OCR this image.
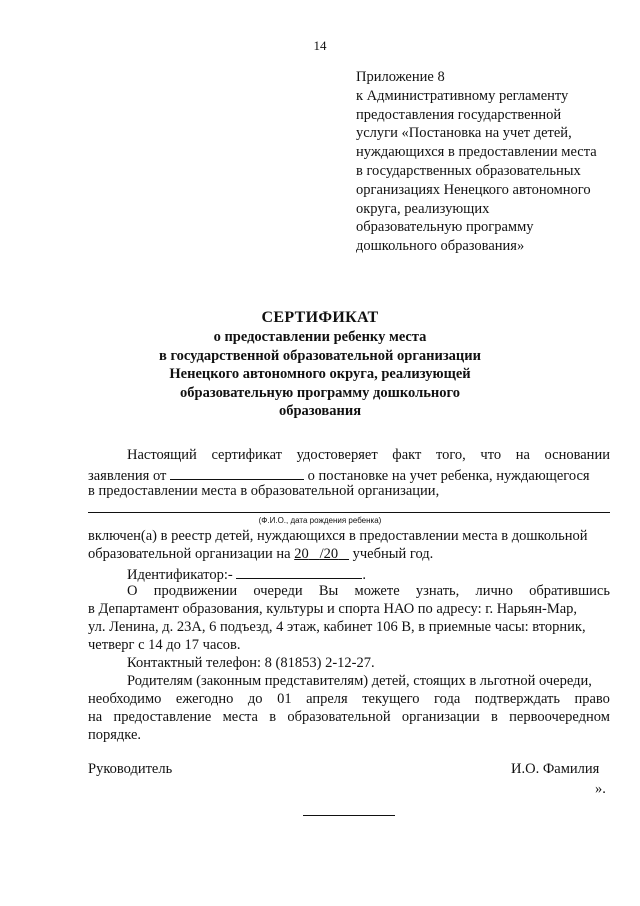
14
Приложение 8
к Административному регламенту
предоставления государственной
услуги «Постановка на учет детей,
нуждающихся в предоставлении места
в государственных образовательных
организациях Ненецкого автономного
округа, реализующих
образовательную программу
дошкольного образования»
СЕРТИФИКАТ
о предоставлении ребенку места
в государственной образовательной организации
Ненецкого автономного округа, реализующей
образовательную программу дошкольного
образования
Настоящий сертификат удостоверяет факт того, что на основании
заявления от	о постановке на учет ребенка, нуждающегося
в предоставлении места в образовательной организации,
(Ф.И.О., дата рождения ребенка)
включен(а) в реестр детей, нуждающихся в предоставлении места в дошкольной
образовательной организации на 20 /20 учебный год.
Идентификатор:-	.
О продвижении очереди Вы можете узнать, лично обратившись
в Департамент образования, культуры и спорта НАО по адресу: г. Нарьян-Мар,
ул. Ленина, д. 23А, 6 подъезд, 4 этаж, кабинет 106 В, в приемные часы: вторник,
четверг с 14 до 17 часов.
Контактный телефон: 8 (81853) 2-12-27.
Родителям (законным представителям) детей, стоящих в льготной очереди,
необходимо ежегодно до 01 апреля текущего года подтверждать право
на предоставление места в образовательной организации в первоочередном
порядке.
Руководитель	И.О. Фамилия
».
